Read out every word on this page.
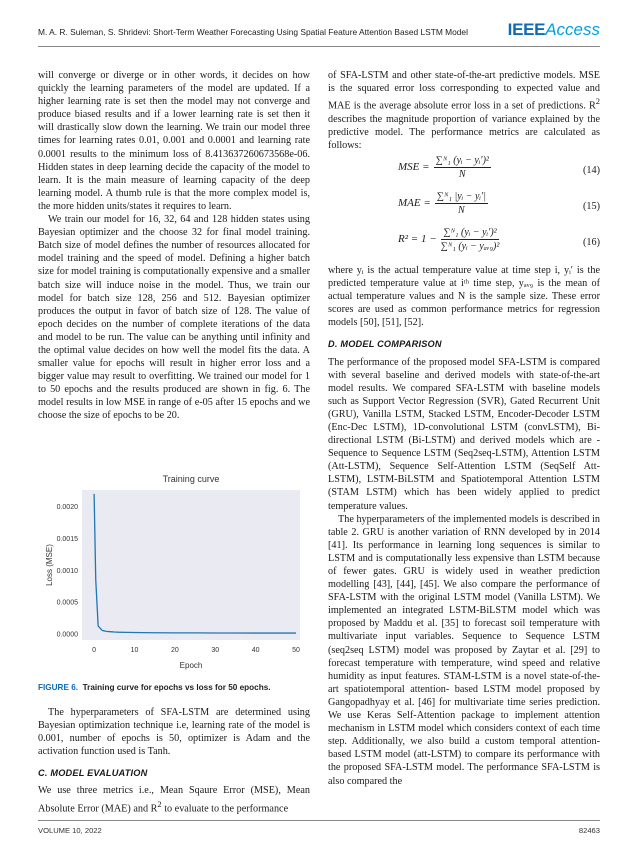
M. A. R. Suleman, S. Shridevi: Short-Term Weather Forecasting Using Spatial Feature Attention Based LSTM Model IEEEAccess

will converge or diverge or in other words, it decides on how quickly the learning parameters of the model are updated. If a higher learning rate is set then the model may not converge and produce biased results and if a lower learning rate is set then it will drastically slow down the learning. We train our model three times for learning rates 0.01, 0.001 and 0.0001 and learning rate 0.0001 results to the minimum loss of 8.413637260673568e-06. Hidden states in deep learning decide the capacity of the model to learn. It is the main measure of learning capacity of the deep learning model. A thumb rule is that the more complex model is, the more hidden units/states it requires to learn.

We train our model for 16, 32, 64 and 128 hidden states using Bayesian optimizer and the choose 32 for final model training. Batch size of model defines the number of resources allocated for model training and the speed of model. Defining a higher batch size for model training is computationally expensive and a smaller batch size will induce noise in the model. Thus, we train our model for batch size 128, 256 and 512. Bayesian optimizer produces the output in favor of batch size of 128. The value of epoch decides on the number of complete iterations of the data and model to be run. The value can be anything until infinity and the optimal value decides on how well the model fits the data. A smaller value for epochs will result in higher error loss and a bigger value may result to overfitting. We trained our model for 1 to 50 epochs and the results produced are shown in fig. 6. The model results in low MSE in range of e-05 after 15 epochs and we choose the size of epochs to be 20.

Training curve
0.0000
0.0005
0.0010
0.0015
0.0020
0	10	20	30	40	50
Epoch
Loss (MSE)
FIGURE 6. Training curve for epochs vs loss for 50 epochs.

The hyperparameters of SFA-LSTM are determined using Bayesian optimization technique i.e, learning rate of the model is 0.001, number of epochs is 50, optimizer is Adam and the activation function used is Tanh.

C. MODEL EVALUATION

We use three metrics i.e., Mean Sqaure Error (MSE), Mean Absolute Error (MAE) and $R^2$ to evaluate to the performance

of SFA-LSTM and other state-of-the-art predictive models. MSE is the squared error loss corresponding to expected value and MAE is the average absolute error loss in a set of predictions. $R^2$ describes the magnitude proportion of variance explained by the predictive model. The performance metrics are calculated as follows:

MSE = $\frac{\text{∑ᴺ₁ (yᵢ − yᵢ′)²}}{N}$	(14)
MAE = $\frac{\text{∑ᴺ₁ |yᵢ − yᵢ′|}}{N}$	(15)
$R^2 = 1 - \frac{\text{∑ᴺ₁ (yᵢ − yᵢ′)²}}{\text{∑ᴺ₁ (yᵢ − yₐᵥ₉)²}}$	(16)

where yᵢ is the actual temperature value at time step i, yᵢ′ is the predicted temperature value at iᵗʰ time step, yₐᵥ₉ is the mean of actual temperature values and N is the sample size. These error scores are used as common performance metrics for regression models [50], [51], [52].

D. MODEL COMPARISON

The performance of the proposed model SFA-LSTM is compared with several baseline and derived models with state-of-the-art model results. We compared SFA-LSTM with baseline models such as Support Vector Regression (SVR), Gated Recurrent Unit (GRU), Vanilla LSTM, Stacked LSTM, Encoder-Decoder LSTM (Enc-Dec LSTM), 1D-convolutional LSTM (convLSTM), Bi-directional LSTM (Bi-LSTM) and derived models which are - Sequence to Sequence LSTM (Seq2seq-LSTM), Attention LSTM (Att-LSTM), Sequence Self-Attention LSTM (SeqSelf Att-LSTM), LSTM-BiLSTM and Spatiotemporal Attention LSTM (STAM LSTM) which has been widely applied to predict temperature values.

The hyperparameters of the implemented models is described in table 2. GRU is another variation of RNN developed by in 2014 [41]. Its performance in learning long sequences is similar to LSTM and is computationally less expensive than LSTM because of fewer gates. GRU is widely used in weather prediction modelling [43], [44], [45]. We also compare the performance of SFA-LSTM with the original LSTM model (Vanilla LSTM). We implemented an integrated LSTM-BiLSTM model which was proposed by Maddu et al. [35] to forecast soil temperature with multivariate input variables. Sequence to Sequence LSTM (seq2seq LSTM) model was proposed by Zaytar et al. [29] to forecast temperature with temperature, wind speed and relative humidity as input features. STAM-LSTM is a novel state-of-the-art spatiotemporal attention- based LSTM model proposed by Gangopadhyay et al. [46] for multivariate time series prediction. We use Keras Self-Attention package to implement attention mechanism in LSTM model which considers context of each time step. Additionally, we also build a custom temporal attention-based LSTM model (att-LSTM) to compare its performance with the proposed SFA-LSTM model. The performance SFA-LSTM is also compared the

VOLUME 10, 2022	82463
